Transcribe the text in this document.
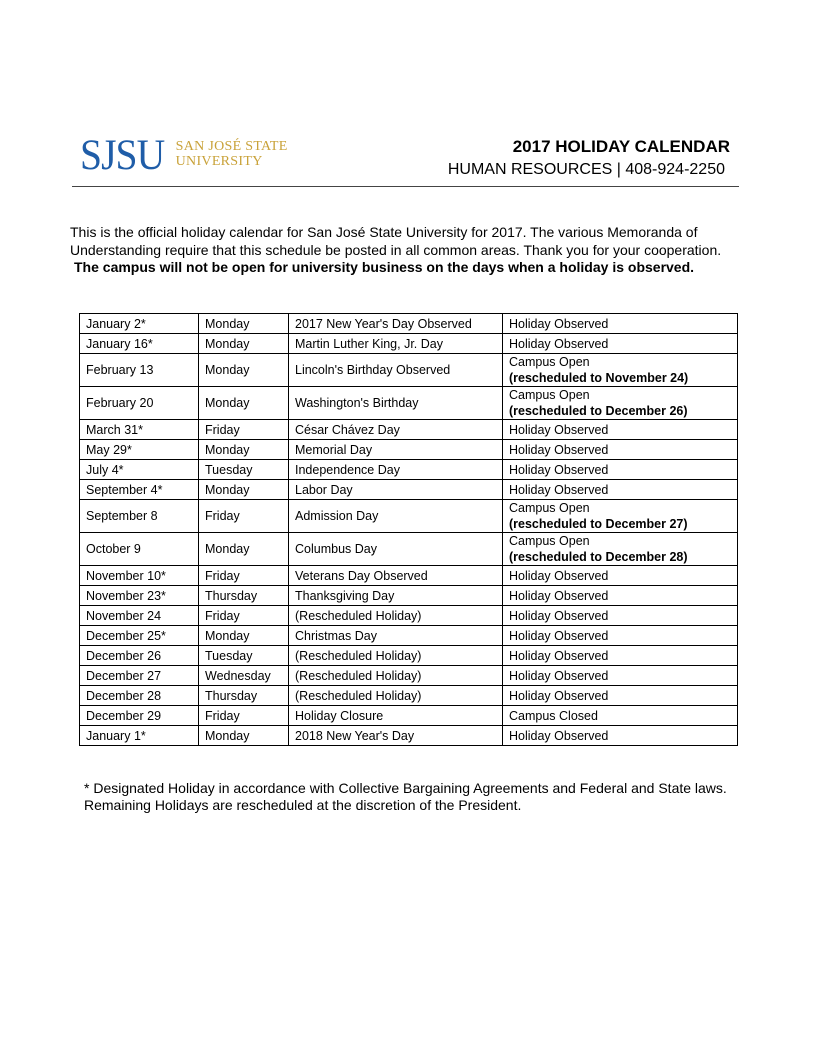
SJSU SAN JOSÉ STATE
UNIVERSITY
2017 HOLIDAY CALENDAR
HUMAN RESOURCES | 408-924-2250
This is the official holiday calendar for San José State University for 2017. The various Memoranda of Understanding require that this schedule be posted in all common areas. Thank you for your cooperation.
The campus will not be open for university business on the days when a holiday is observed.
January 2*	Monday	2017 New Year's Day Observed	Holiday Observed
January 16*	Monday	Martin Luther King, Jr. Day	Holiday Observed
February 13	Monday	Lincoln's Birthday Observed	Campus Open
(rescheduled to November 24)

February 20	Monday	Washington's Birthday	Campus Open
(rescheduled to December 26)

March 31*	Friday	César Chávez Day	Holiday Observed
May 29*	Monday	Memorial Day	Holiday Observed
July 4*	Tuesday	Independence Day	Holiday Observed
September 4*	Monday	Labor Day	Holiday Observed
September 8	Friday	Admission Day	Campus Open
(rescheduled to December 27)

October 9	Monday	Columbus Day	Campus Open
(rescheduled to December 28)

November 10*	Friday	Veterans Day Observed	Holiday Observed
November 23*	Thursday	Thanksgiving Day	Holiday Observed
November 24	Friday	(Rescheduled Holiday)	Holiday Observed
December 25*	Monday	Christmas Day	Holiday Observed
December 26	Tuesday	(Rescheduled Holiday)	Holiday Observed
December 27	Wednesday	(Rescheduled Holiday)	Holiday Observed
December 28	Thursday	(Rescheduled Holiday)	Holiday Observed
December 29	Friday	Holiday Closure	Campus Closed
January 1*	Monday	2018 New Year's Day	Holiday Observed
* Designated Holiday in accordance with Collective Bargaining Agreements and Federal and State laws. Remaining Holidays are rescheduled at the discretion of the President.
